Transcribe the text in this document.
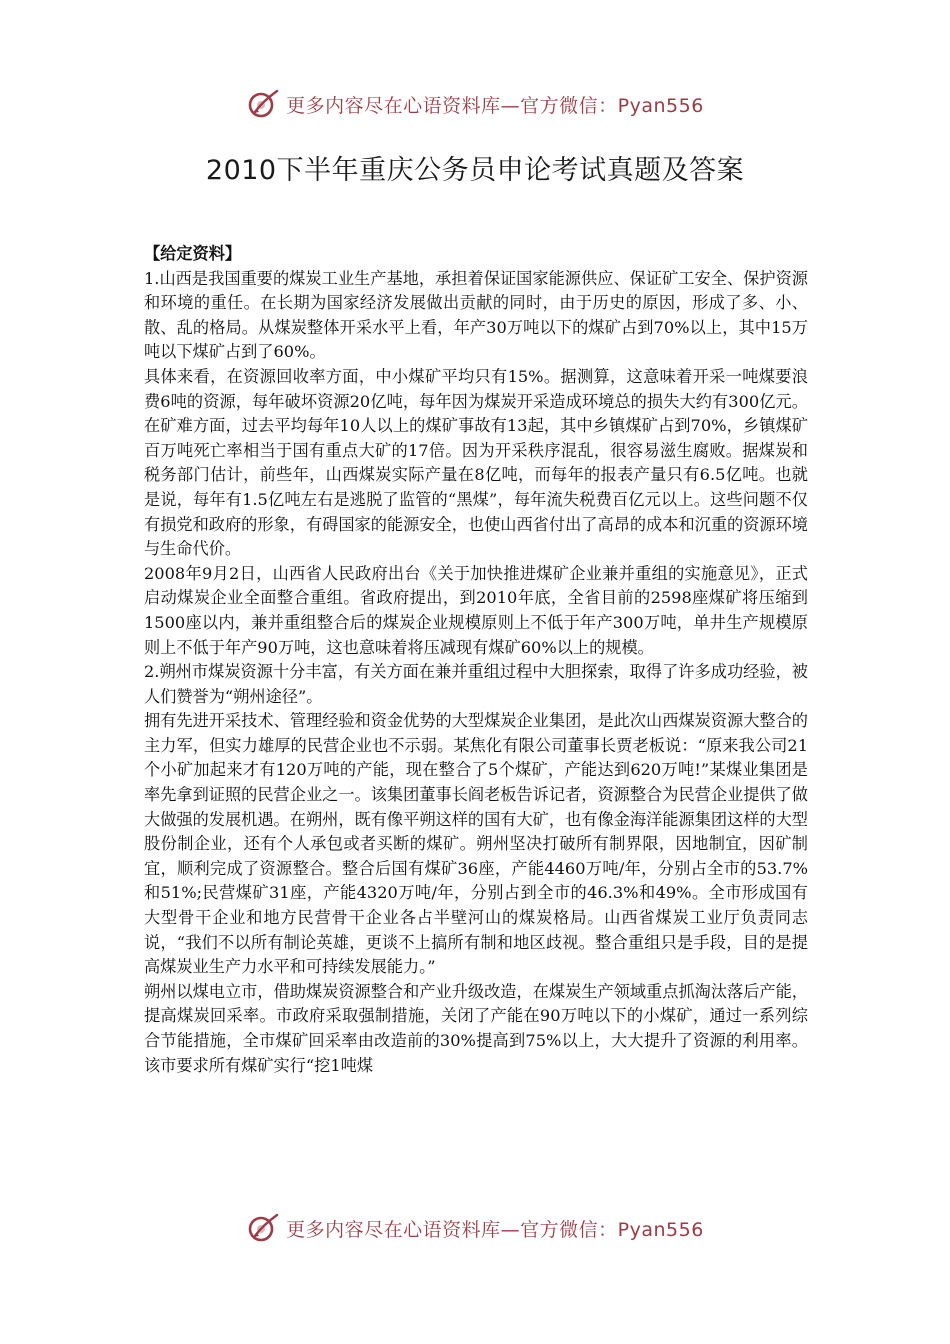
更多内容尽在心语资料库—官方微信：Pyan556
2010下半年重庆公务员申论考试真题及答案

【给定资料】

1.山西是我国重要的煤炭工业生产基地，承担着保证国家能源供应、保证矿工安全、保护资源和环境的重任。在长期为国家经济发展做出贡献的同时，由于历史的原因，形成了多、小、散、乱的格局。从煤炭整体开采水平上看，年产30万吨以下的煤矿占到70%以上，其中15万吨以下煤矿占到了60%。

具体来看，在资源回收率方面，中小煤矿平均只有15%。据测算，这意味着开采一吨煤要浪费6吨的资源，每年破坏资源20亿吨，每年因为煤炭开采造成环境总的损失大约有300亿元。在矿难方面，过去平均每年10人以上的煤矿事故有13起，其中乡镇煤矿占到70%，乡镇煤矿百万吨死亡率相当于国有重点大矿的17倍。因为开采秩序混乱，很容易滋生腐败。据煤炭和税务部门估计，前些年，山西煤炭实际产量在8亿吨，而每年的报表产量只有6.5亿吨。也就是说，每年有1.5亿吨左右是逃脱了监管的“黑煤”，每年流失税费百亿元以上。这些问题不仅有损党和政府的形象，有碍国家的能源安全，也使山西省付出了高昂的成本和沉重的资源环境与生命代价。

2008年9月2日，山西省人民政府出台《关于加快推进煤矿企业兼并重组的实施意见》，正式启动煤炭企业全面整合重组。省政府提出，到2010年底，全省目前的2598座煤矿将压缩到1500座以内，兼并重组整合后的煤炭企业规模原则上不低于年产300万吨，单井生产规模原则上不低于年产90万吨，这也意味着将压减现有煤矿60%以上的规模。

2.朔州市煤炭资源十分丰富，有关方面在兼并重组过程中大胆探索，取得了许多成功经验，被人们赞誉为“朔州途径”。

拥有先进开采技术、管理经验和资金优势的大型煤炭企业集团，是此次山西煤炭资源大整合的主力军，但实力雄厚的民营企业也不示弱。某焦化有限公司董事长贾老板说：“原来我公司21个小矿加起来才有120万吨的产能，现在整合了5个煤矿，产能达到620万吨!”某煤业集团是率先拿到证照的民营企业之一。该集团董事长阎老板告诉记者，资源整合为民营企业提供了做大做强的发展机遇。在朔州，既有像平朔这样的国有大矿，也有像金海洋能源集团这样的大型股份制企业，还有个人承包或者买断的煤矿。朔州坚决打破所有制界限，因地制宜，因矿制宜，顺利完成了资源整合。整合后国有煤矿36座，产能4460万吨/年，分别占全市的53.7%和51%;民营煤矿31座，产能4320万吨/年，分别占到全市的46.3%和49%。全市形成国有大型骨干企业和地方民营骨干企业各占半壁河山的煤炭格局。山西省煤炭工业厅负责同志说，“我们不以所有制论英雄，更谈不上搞所有制和地区歧视。整合重组只是手段，目的是提高煤炭业生产力水平和可持续发展能力。”

朔州以煤电立市，借助煤炭资源整合和产业升级改造，在煤炭生产领域重点抓淘汰落后产能，提高煤炭回采率。市政府采取强制措施，关闭了产能在90万吨以下的小煤矿，通过一系列综合节能措施，全市煤矿回采率由改造前的30%提高到75%以上，大大提升了资源的利用率。该市要求所有煤矿实行“挖1吨煤

更多内容尽在心语资料库—官方微信：Pyan556
